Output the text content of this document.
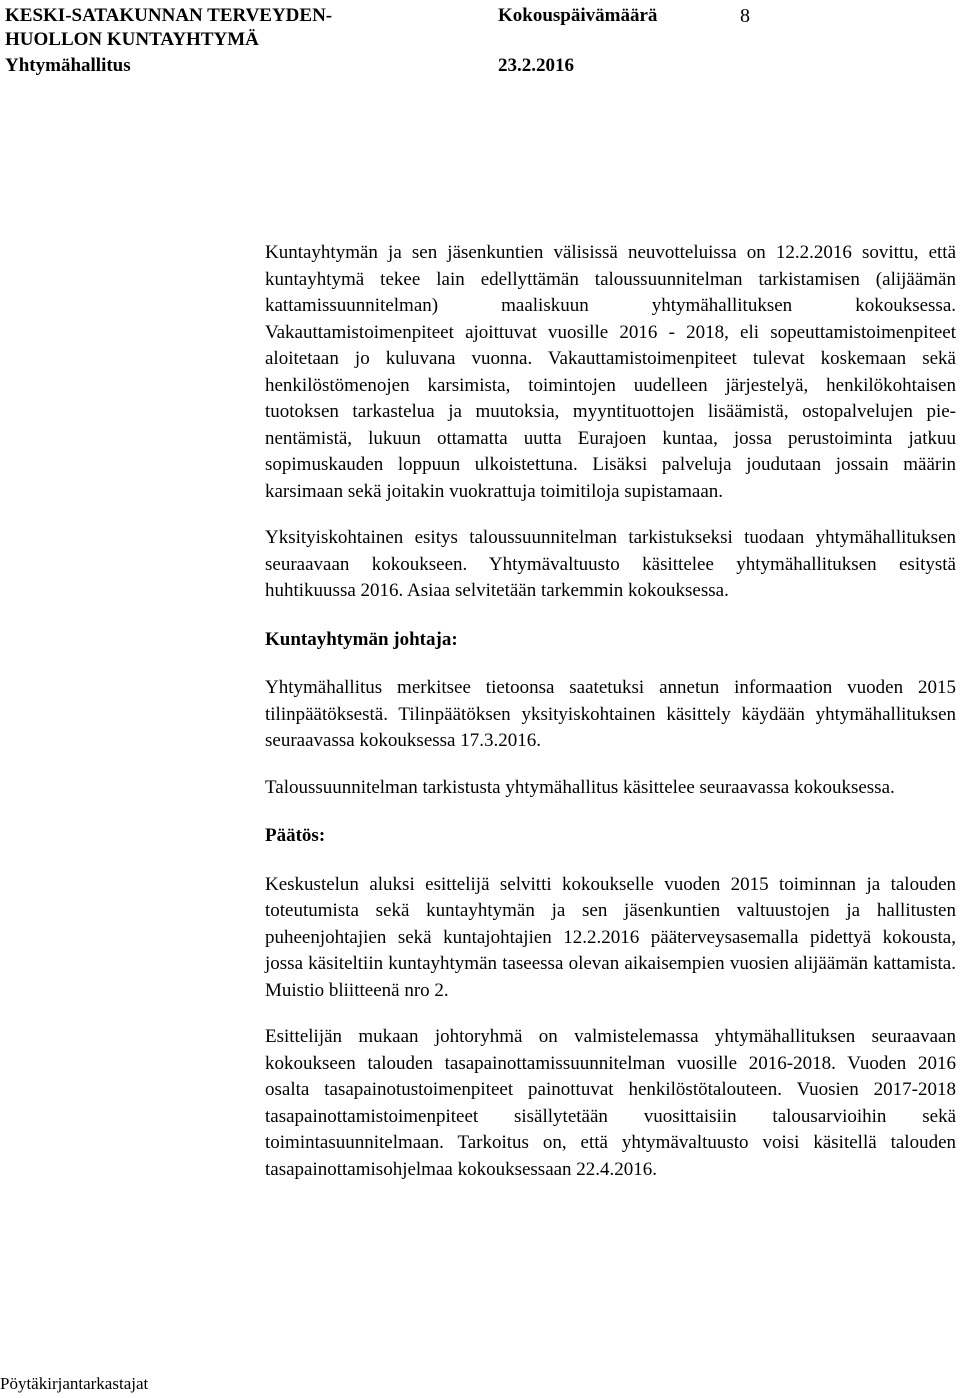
KESKI-SATAKUNNAN TERVEYDEN-
HUOLLON KUNTAYHTYMÄ
Yhtymähallitus
Kokouspäivämäärä
23.2.2016
8

Kuntayhtymän ja sen jäsenkuntien välisissä neuvotteluissa on 12.2.2016 sovittu, että kuntayhtymä tekee lain edellyttämän taloussuunnitelman tarkistamisen (alijäämän kattamissuunnitelman) maaliskuun yhtymähallituksen kokouksessa. Vakauttamistoimenpiteet ajoittuvat vuosille 2016 - 2018, eli sopeuttamistoimenpiteet aloitetaan jo kuluvana vuonna. Vakauttamistoimenpiteet tulevat koskemaan sekä henkilöstömenojen karsimista, toimintojen uudelleen järjestelyä, henkilökohtaisen tuotoksen tarkastelua ja muutoksia, myyntituottojen lisäämistä, ostopalvelujen pienentämistä, lukuun ottamatta uutta Eurajoen kuntaa, jossa perustoiminta jatkuu sopimuskauden loppuun ulkoistettuna. Lisäksi palveluja joudutaan jossain määrin karsimaan sekä joitakin vuokrattuja toimitiloja supistamaan.

Yksityiskohtainen esitys taloussuunnitelman tarkistukseksi tuodaan yhtymähallituksen seuraavaan kokoukseen. Yhtymävaltuusto käsittelee yhtymähallituksen esitystä huhtikuussa 2016. Asiaa selvitetään tarkemmin kokouksessa.

Kuntayhtymän johtaja:

Yhtymähallitus merkitsee tietoonsa saatetuksi annetun informaation vuoden 2015 tilinpäätöksestä. Tilinpäätöksen yksityiskohtainen käsittely käydään yhtymähallituksen seuraavassa kokouksessa 17.3.2016.

Taloussuunnitelman tarkistusta yhtymähallitus käsittelee seuraavassa kokouksessa.

Päätös:

Keskustelun aluksi esittelijä selvitti kokoukselle vuoden 2015 toiminnan ja talouden toteutumista sekä kuntayhtymän ja sen jäsenkuntien valtuustojen ja hallitusten puheenjohtajien sekä kuntajohtajien 12.2.2016 pääterveysasemalla pidettyä kokousta, jossa käsiteltiin kuntayhtymän taseessa olevan aikaisempien vuosien alijäämän kattamista. Muistio bliitteenä nro 2.

Esittelijän mukaan johtoryhmä on valmistelemassa yhtymähallituksen seuraavaan kokoukseen talouden tasapainottamissuunnitelman vuosille 2016-2018. Vuoden 2016 osalta tasapainotustoimenpiteet painottuvat henkilöstötalouteen. Vuosien 2017-2018 tasapainottamistoimenpiteet sisällytetään vuosittaisiin talousarvioihin sekä toimintasuunnitelmaan. Tarkoitus on, että yhtymävaltuusto voisi käsitellä talouden tasapainottamisohjelmaa kokouksessaan 22.4.2016.

Pöytäkirjantarkastajat
